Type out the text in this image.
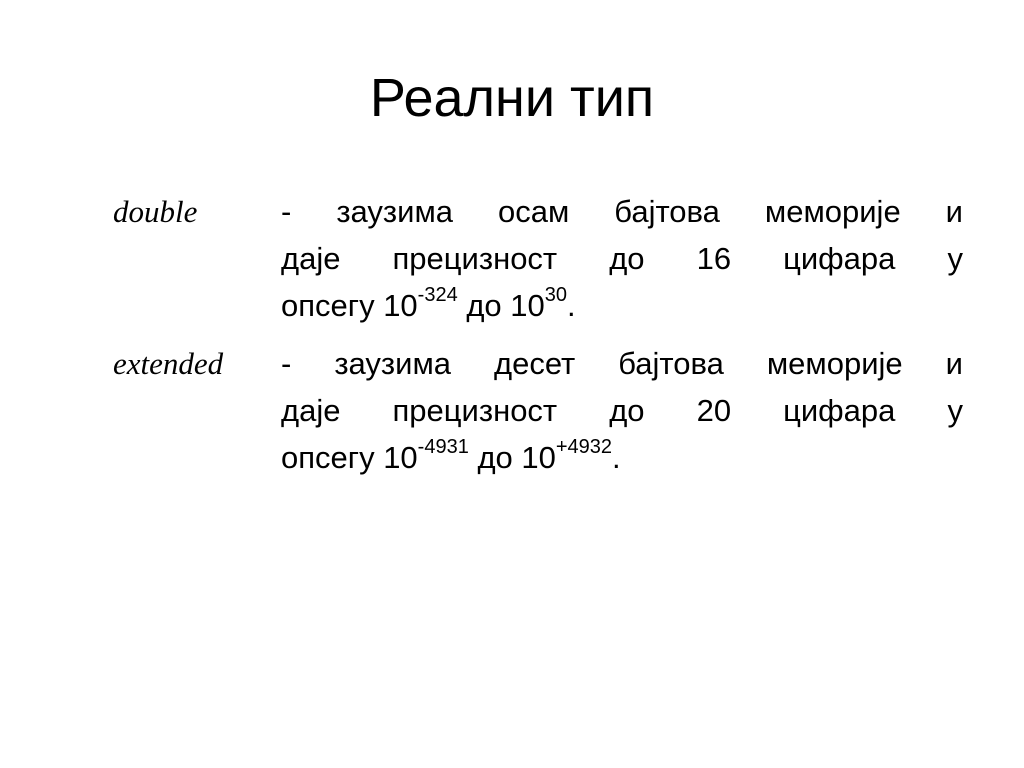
Реални тип
double	- заузима осам бајтова меморије и
даје прецизност до 16 цифара у
опсегу $10^{-324}$ до $10^{30}$.
extended - заузима десет бајтова меморије и
даје прецизност до 20 цифара у
опсегу $10^{-4931}$ до $10^{+4932}$.
